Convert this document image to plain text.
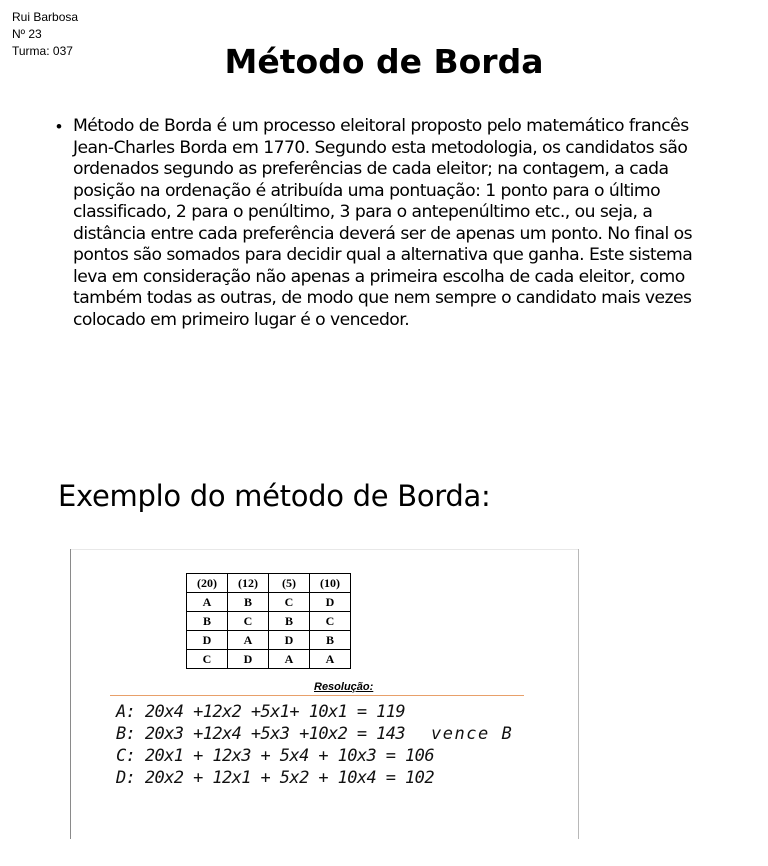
Rui Barbosa
Nº 23
Turma: 037	Método de Borda
• Método de Borda é um processo eleitoral proposto pelo matemático francês Jean-Charles Borda em 1770. Segundo esta metodologia, os candidatos são ordenados segundo as preferências de cada eleitor; na contagem, a cada posição na ordenação é atribuída uma pontuação: 1 ponto para o último classificado, 2 para o penúltimo, 3 para o antepenúltimo etc., ou seja, a distância entre cada preferência deverá ser de apenas um ponto. No final os pontos são somados para decidir qual a alternativa que ganha. Este sistema leva em consideração não apenas a primeira escolha de cada eleitor, como também todas as outras, de modo que nem sempre o candidato mais vezes colocado em primeiro lugar é o vencedor.
Exemplo do método de Borda:
(20)	(12)	(5)	(10)
A	B	C	D
B	C	B	C
D	A	D	B
C	D	A	A
Resolução:
A: 20x4 +12x2 +5x1+ 10x1 = 119
B: 20x3 +12x4 +5x3 +10x2 = 143 vence B
C: 20x1 + 12x3 + 5x4 + 10x3 = 106
D: 20x2 + 12x1 + 5x2 + 10x4 = 102
